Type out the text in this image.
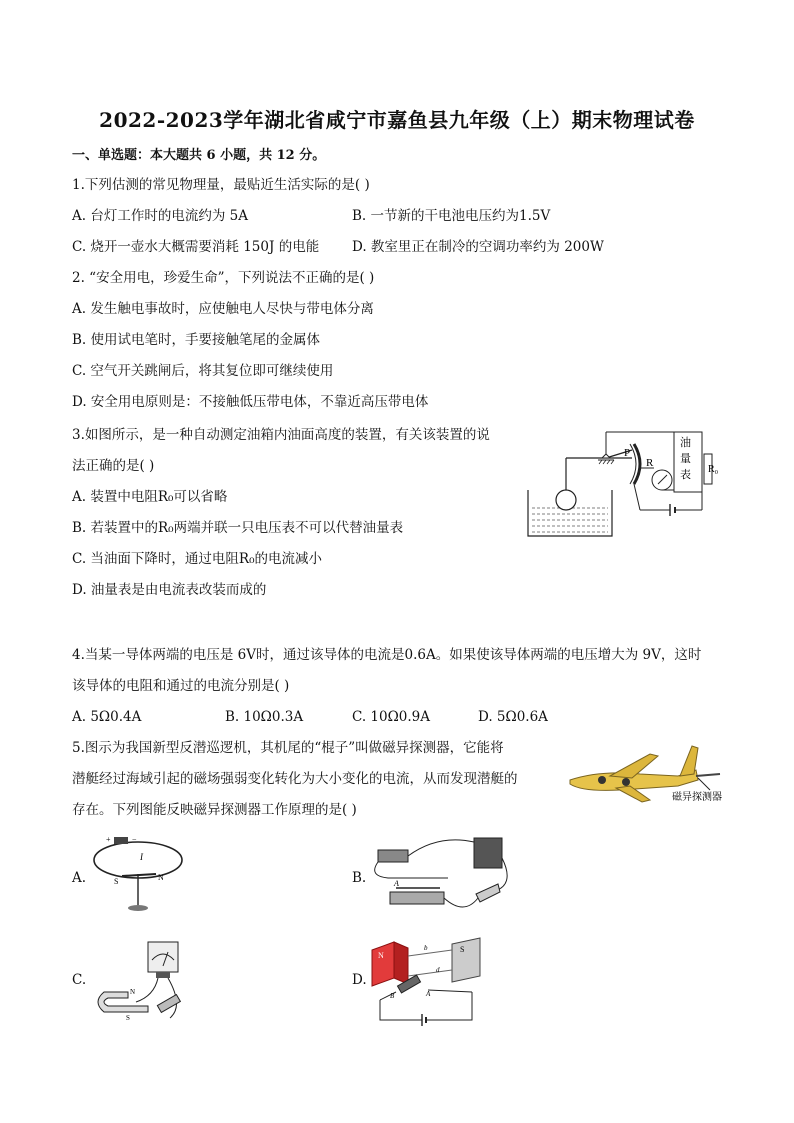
2022-2023学年湖北省咸宁市嘉鱼县九年级（上）期末物理试卷
一、单选题：本大题共 6 小题，共 12 分。
1.下列估测的常见物理量，最贴近生活实际的是( )
A. 台灯工作时的电流约为 5A	B. 一节新的干电池电压约为1.5V
C. 烧开一壶水大概需要消耗 150J 的电能 D. 教室里正在制冷的空调功率约为 200W
2. “安全用电，珍爱生命”，下列说法不正确的是( )
A. 发生触电事故时，应使触电人尽快与带电体分离
B. 使用试电笔时，手要接触笔尾的金属体
C. 空气开关跳闸后，将其复位即可继续使用
D. 安全用电原则是：不接触低压带电体，不靠近高压带电体
3.如图所示，是一种自动测定油箱内油面高度的装置，有关该装置的说
法正确的是( )
A. 装置中电阻R₀可以省略
B. 若装置中的R₀两端并联一只电压表不可以代替油量表
C. 当油面下降时，通过电阻R₀的电流减小
D. 油量表是由电流表改装而成的
P
R
油
量
表 R₀
4.当某一导体两端的电压是 6V时，通过该导体的电流是0.6A。如果使该导体两端的电压增大为 9V，这时
该导体的电阻和通过的电流分别是( )
A. 5Ω0.4A	B. 10Ω0.3A	C. 10Ω0.9A	D. 5Ω0.6A
5.图示为我国新型反潜巡逻机，其机尾的“棍子”叫做磁异探测器，它能将
潜艇经过海域引起的磁场强弱变化转化为大小变化的电流，从而发现潜艇的
存在。下列图能反映磁异探测器工作原理的是( )
磁异探测器
A.
+	−
I
S	N	B.	A
C.
N
S
D.
N
S
b
d
B	A
